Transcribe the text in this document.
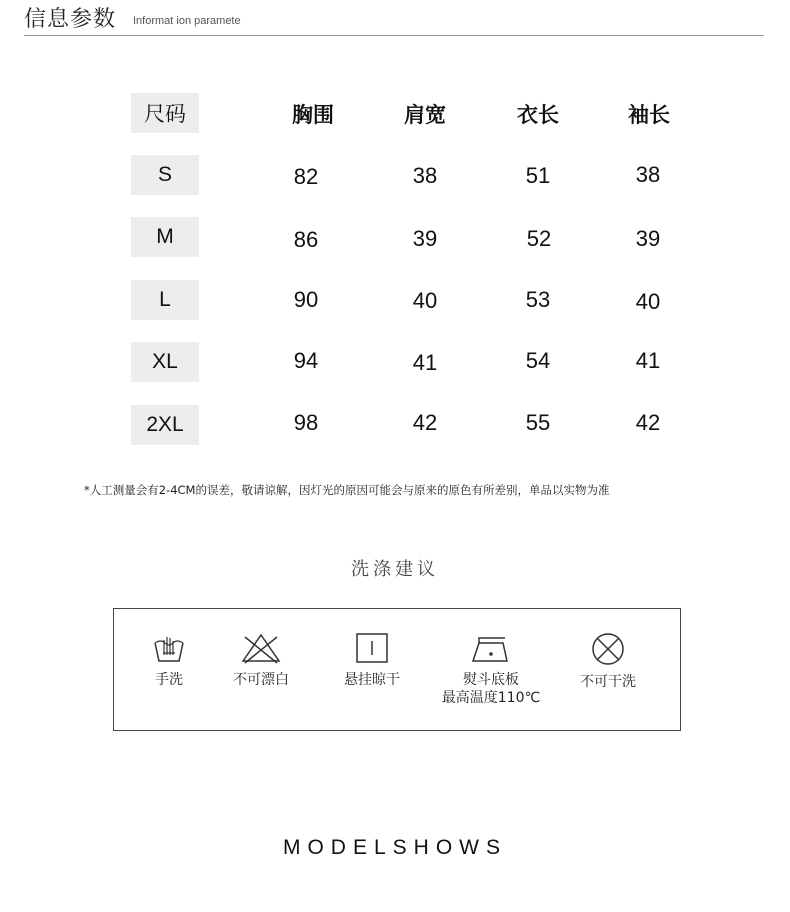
信息参数 Informat ion paramete
尺码	胸围	肩宽	衣长	袖长
S	82	38	51	38
M	86	39	52	39
L	90	40	53	40
XL	94	41	54	41
2XL	98	42	55	42
*人工测量会有2-4CM的误差，敬请谅解，因灯光的原因可能会与原来的原色有所差别，单品以实物为准
洗涤建议
手洗	不可漂白	悬挂晾干	熨斗底板
最高温度110℃
不可干洗
MODELSHOWS
